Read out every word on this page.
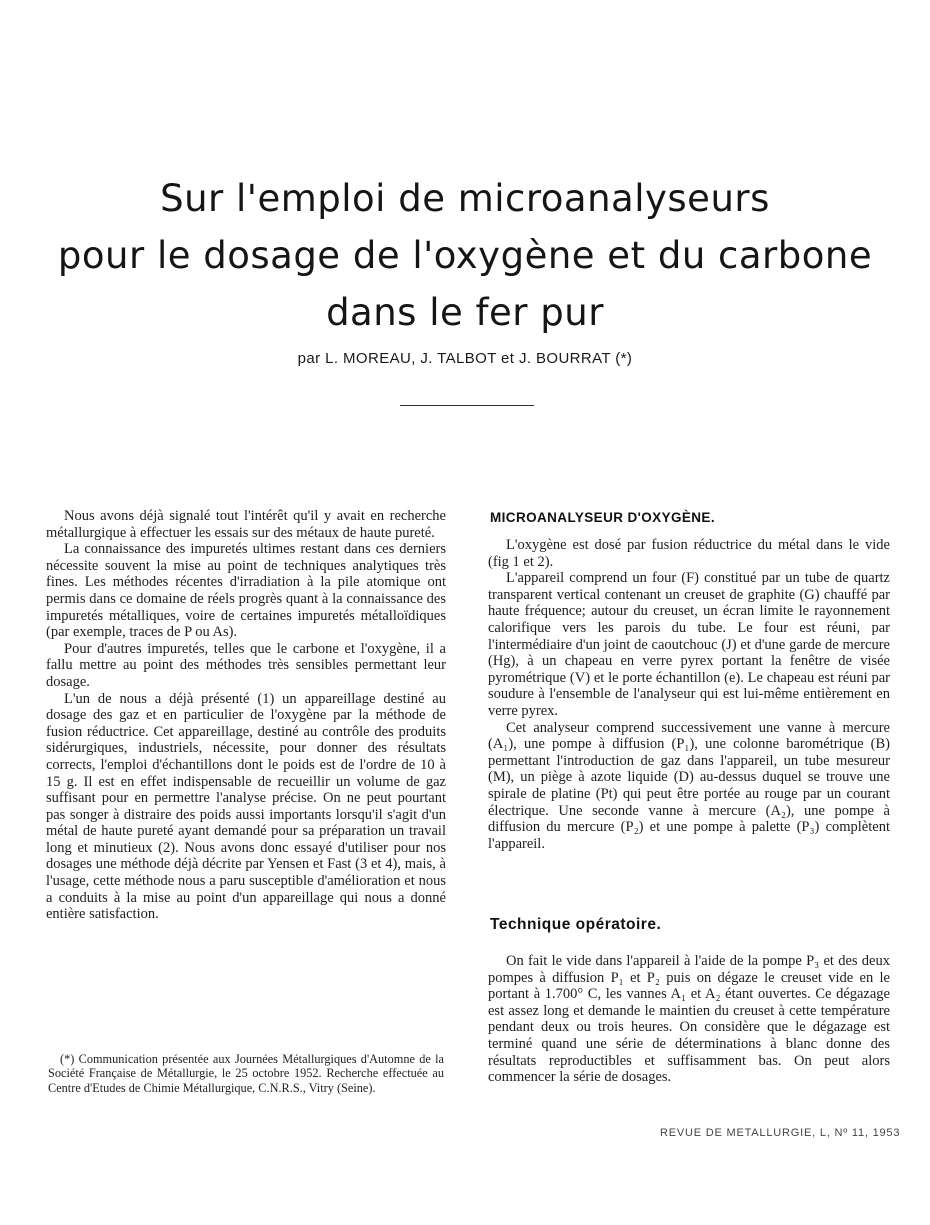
Sur l'emploi de microanalyseurs
pour le dosage de l'oxygène et du carbone
dans le fer pur
par L. MOREAU, J. TALBOT et J. BOURRAT (*)

Nous avons déjà signalé tout l'intérêt qu'il y avait en recherche métallurgique à effectuer les essais sur des métaux de haute pureté.

La connaissance des impuretés ultimes restant dans ces derniers nécessite souvent la mise au point de techniques analytiques très fines. Les méthodes récentes d'irradiation à la pile atomique ont permis dans ce domaine de réels progrès quant à la connaissance des impuretés métalliques, voire de certaines impuretés métalloïdiques (par exemple, traces de P ou As).

Pour d'autres impuretés, telles que le carbone et l'oxygène, il a fallu mettre au point des méthodes très sensibles permettant leur dosage.

L'un de nous a déjà présenté (1) un appareillage destiné au dosage des gaz et en particulier de l'oxygène par la méthode de fusion réductrice. Cet appareillage, destiné au contrôle des produits sidérurgiques, industriels, nécessite, pour donner des résultats corrects, l'emploi d'échantillons dont le poids est de l'ordre de 10 à 15 g. Il est en effet indispensable de recueillir un volume de gaz suffisant pour en permettre l'analyse précise. On ne peut pourtant pas songer à distraire des poids aussi importants lorsqu'il s'agit d'un métal de haute pureté ayant demandé pour sa préparation un travail long et minutieux (2). Nous avons donc essayé d'utiliser pour nos dosages une méthode déjà décrite par Yensen et Fast (3 et 4), mais, à l'usage, cette méthode nous a paru susceptible d'amélioration et nous a conduits à la mise au point d'un appareillage qui nous a donné entière satisfaction.

(*) Communication présentée aux Journées Métallurgiques d'Automne de la Société Française de Métallurgie, le 25 octobre 1952. Recherche effectuée au Centre d'Etudes de Chimie Métallurgique, C.N.R.S., Vitry (Seine).

MICROANALYSEUR D'OXYGÈNE.

L'oxygène est dosé par fusion réductrice du métal dans le vide (fig 1 et 2).

L'appareil comprend un four (F) constitué par un tube de quartz transparent vertical contenant un creuset de graphite (G) chauffé par haute fréquence; autour du creuset, un écran limite le rayonnement calorifique vers les parois du tube. Le four est réuni, par l'intermédiaire d'un joint de caoutchouc (J) et d'une garde de mercure (Hg), à un chapeau en verre pyrex portant la fenêtre de visée pyrométrique (V) et le porte échantillon (e). Le chapeau est réuni par soudure à l'ensemble de l'analyseur qui est lui-même entièrement en verre pyrex.

Cet analyseur comprend successivement une vanne à mercure (A₁), une pompe à diffusion (P₁), une colonne barométrique (B) permettant l'introduction de gaz dans l'appareil, un tube mesureur (M), un piège à azote liquide (D) au-dessus duquel se trouve une spirale de platine (Pt) qui peut être portée au rouge par un courant électrique. Une seconde vanne à mercure (A₂), une pompe à diffusion du mercure (P₂) et une pompe à palette (P₃) complètent l'appareil.

Technique opératoire.

On fait le vide dans l'appareil à l'aide de la pompe P₃ et des deux pompes à diffusion P₁ et P₂ puis on dégaze le creuset vide en le portant à 1.700° C, les vannes A₁ et A₂ étant ouvertes. Ce dégazage est assez long et demande le maintien du creuset à cette température pendant deux ou trois heures. On considère que le dégazage est terminé quand une série de déterminations à blanc donne des résultats reproductibles et suffisamment bas. On peut alors commencer la série de dosages.

REVUE DE METALLURGIE, L, Nº 11, 1953
